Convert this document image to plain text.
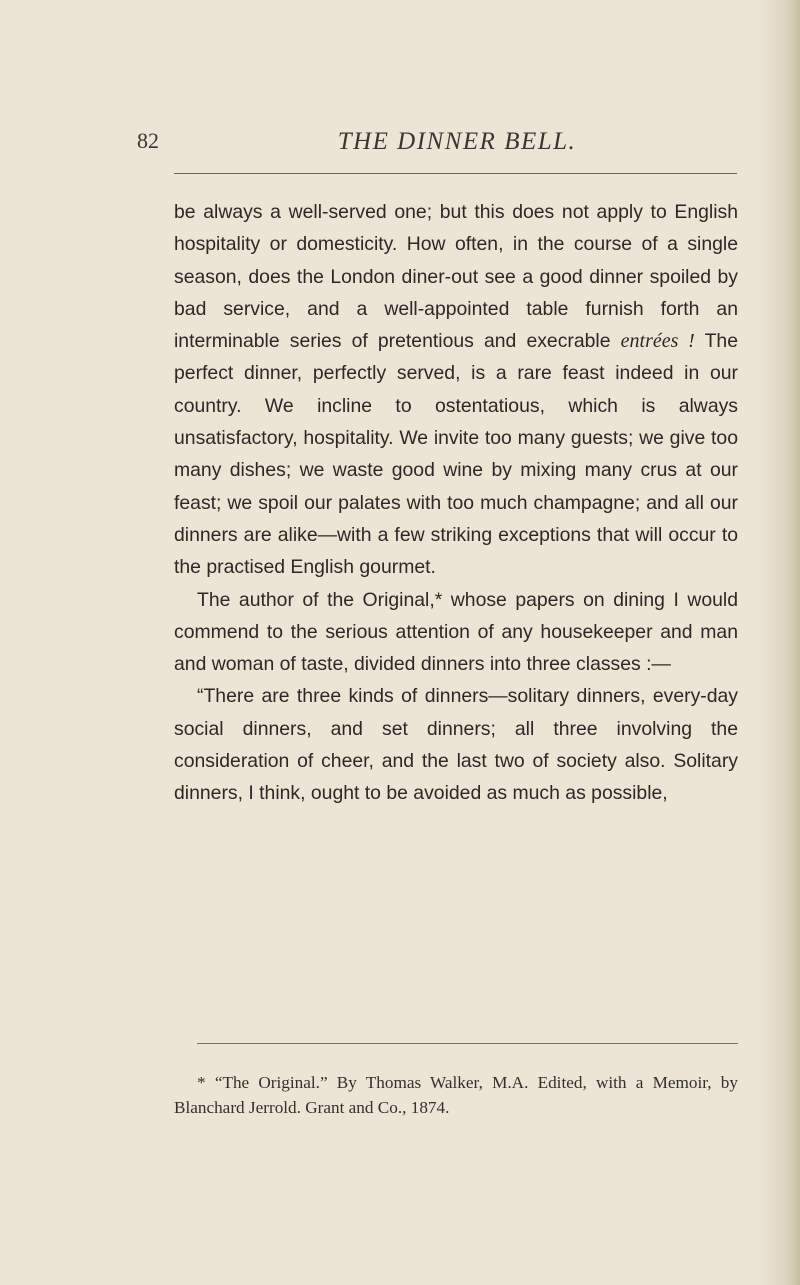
82	THE DINNER BELL.

be always a well-served one; but this does not apply to English hospitality or domesticity. How often, in the course of a single season, does the London diner-out see a good dinner spoiled by bad service, and a well-appointed table furnish forth an interminable series of pretentious and execrable entrées ! The perfect dinner, perfectly served, is a rare feast indeed in our country. We incline to ostentatious, which is always unsatisfactory, hospitality. We invite too many guests; we give too many dishes; we waste good wine by mixing many crus at our feast; we spoil our palates with too much champagne; and all our dinners are alike—with a few striking exceptions that will occur to the practised English gourmet.

The author of the Original,* whose papers on dining I would commend to the serious attention of any housekeeper and man and woman of taste, divided dinners into three classes :—

“There are three kinds of dinners—solitary dinners, every-day social dinners, and set dinners; all three involving the consideration of cheer, and the last two of society also. Solitary dinners, I think, ought to be avoided as much as possible,

* “The Original.” By Thomas Walker, M.A. Edited, with a Memoir, by Blanchard Jerrold. Grant and Co., 1874.
